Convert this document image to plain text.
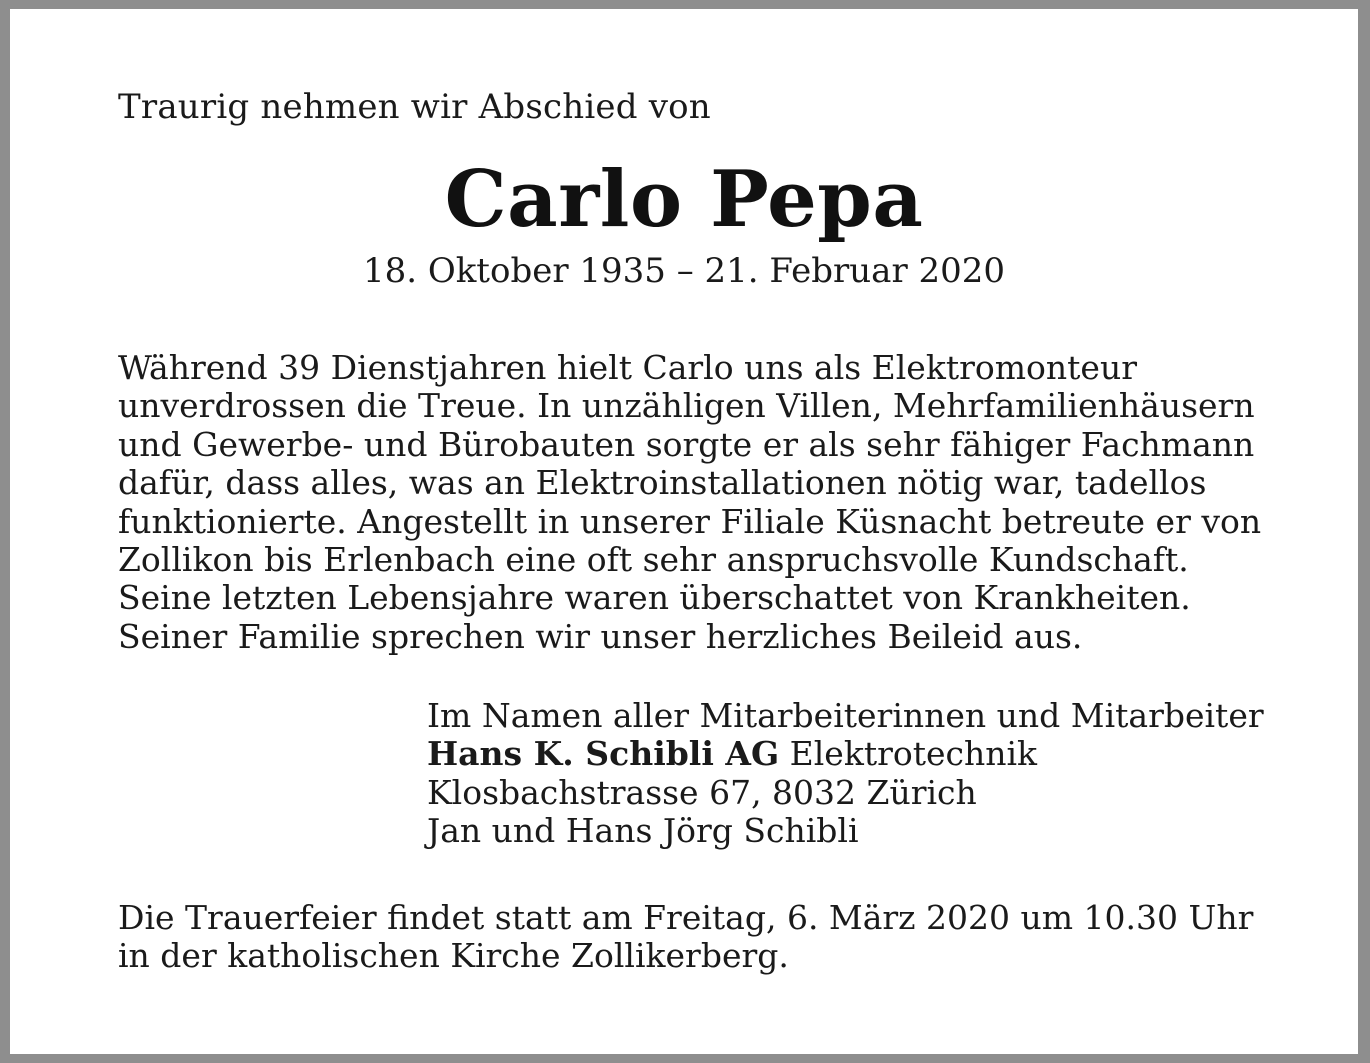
Traurig nehmen wir Abschied von
Carlo Pepa
18. Oktober 1935 – 21. Februar 2020
Während 39 Dienstjahren hielt Carlo uns als Elektromonteur
unverdrossen die Treue. In unzähligen Villen, Mehrfamilienhäusern
und Gewerbe- und Bürobauten sorgte er als sehr fähiger Fachmann
dafür, dass alles, was an Elektroinstallationen nötig war, tadellos
funktionierte. Angestellt in unserer Filiale Küsnacht betreute er von
Zollikon bis Erlenbach eine oft sehr anspruchsvolle Kundschaft.
Seine letzten Lebensjahre waren überschattet von Krankheiten.
Seiner Familie sprechen wir unser herzliches Beileid aus.
Im Namen aller Mitarbeiterinnen und Mitarbeiter
Hans K. Schibli AG Elektrotechnik
Klosbachstrasse 67, 8032 Zürich
Jan und Hans Jörg Schibli
Die Trauerfeier findet statt am Freitag, 6. März 2020 um 10.30 Uhr
in der katholischen Kirche Zollikerberg.
